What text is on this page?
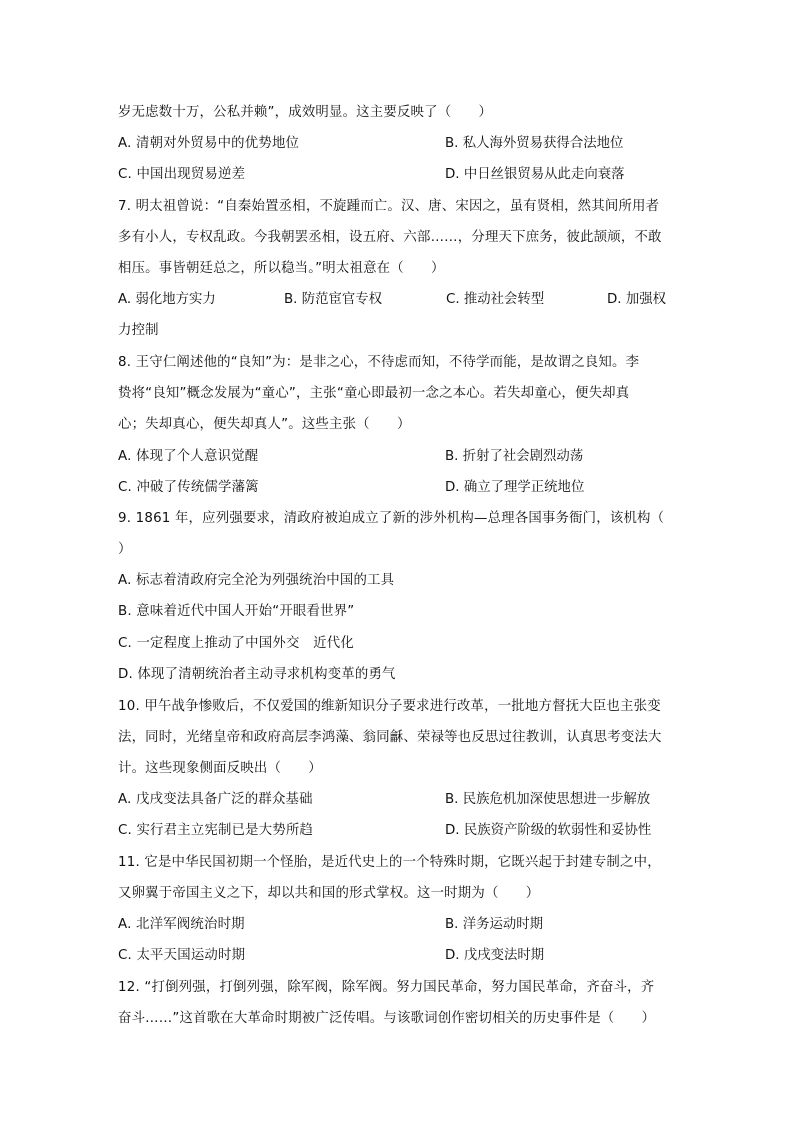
岁无虑数十万，公私并赖”，成效明显。这主要反映了（　　）
A. 清朝对外贸易中的优势地位	B. 私人海外贸易获得合法地位
C. 中国出现贸易逆差	D. 中日丝银贸易从此走向衰落
7. 明太祖曾说：“自秦始置丞相，不旋踵而亡。汉、唐、宋因之，虽有贤相，然其间所用者
多有小人，专权乱政。今我朝罢丞相，设五府、六部……，分理天下庶务，彼此颉颃，不敢
相压。事皆朝廷总之，所以稳当。”明太祖意在（　　）
A. 弱化地方实力	B. 防范宦官专权	C. 推动社会转型	D. 加强权
力控制
8. 王守仁阐述他的“良知”为：是非之心，不待虑而知，不待学而能，是故谓之良知。李
贽将“良知”概念发展为“童心”，主张“童心即最初一念之本心。若失却童心，便失却真
心；失却真心，便失却真人”。这些主张（　　）
A. 体现了个人意识觉醒	B. 折射了社会剧烈动荡
C. 冲破了传统儒学藩篱	D. 确立了理学正统地位
9. 1861 年，应列强要求，清政府被迫成立了新的涉外机构—总理各国事务衙门，该机构（
）
A. 标志着清政府完全沦为列强统治中国的工具
B. 意味着近代中国人开始“开眼看世界”
C. 一定程度上推动了中国外交　近代化
D. 体现了清朝统治者主动寻求机构变革的勇气
10. 甲午战争惨败后，不仅爱国的维新知识分子要求进行改革，一批地方督抚大臣也主张变
法，同时，光绪皇帝和政府高层李鸿藻、翁同龢、荣禄等也反思过往教训，认真思考变法大
计。这些现象侧面反映出（　　）
A. 戊戌变法具备广泛的群众基础	B. 民族危机加深使思想进一步解放
C. 实行君主立宪制已是大势所趋	D. 民族资产阶级的软弱性和妥协性
11. 它是中华民国初期一个怪胎，是近代史上的一个特殊时期，它既兴起于封建专制之中，
又卵翼于帝国主义之下，却以共和国的形式掌权。这一时期为（　　）
A. 北洋军阀统治时期	B. 洋务运动时期
C. 太平天国运动时期	D. 戊戌变法时期
12. “打倒列强，打倒列强，除军阀，除军阀。努力国民革命，努力国民革命，齐奋斗，齐
奋斗……”这首歌在大革命时期被广泛传唱。与该歌词创作密切相关的历史事件是（　　）
